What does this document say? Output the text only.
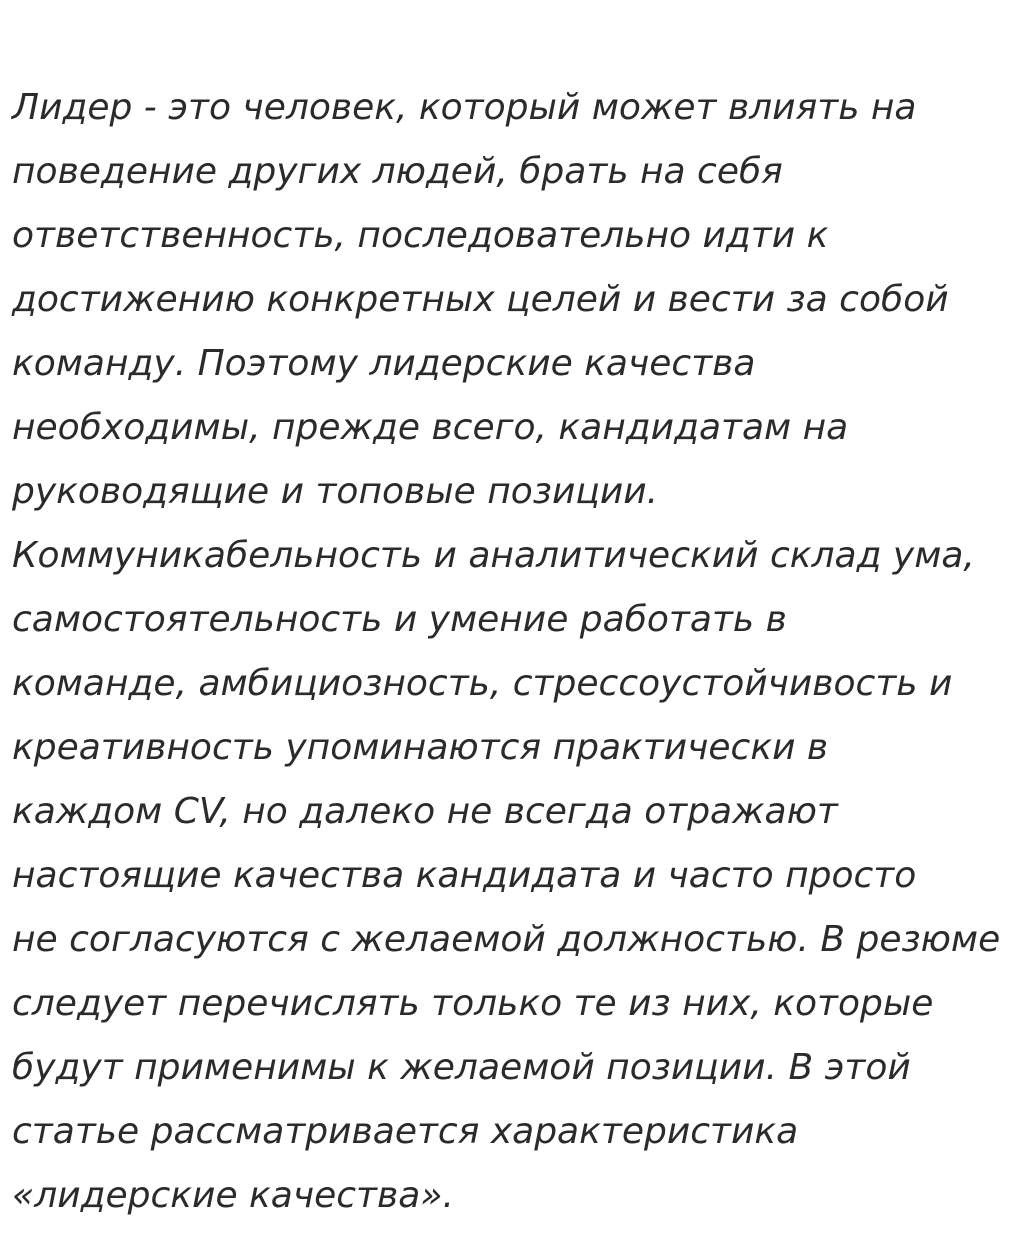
Лидер - это человек, который может влиять на
поведение других людей, брать на себя
ответственность, последовательно идти к
достижению конкретных целей и вести за собой
команду. Поэтому лидерские качества
необходимы, прежде всего, кандидатам на
руководящие и топовые позиции.
Коммуникабельность и аналитический склад ума,
самостоятельность и умение работать в
команде, амбициозность, стрессоустойчивость и
креативность упоминаются практически в
каждом CV, но далеко не всегда отражают
настоящие качества кандидата и часто просто
не согласуются с желаемой должностью. В резюме
следует перечислять только те из них, которые
будут применимы к желаемой позиции. В этой
статье рассматривается характеристика
«лидерские качества».
